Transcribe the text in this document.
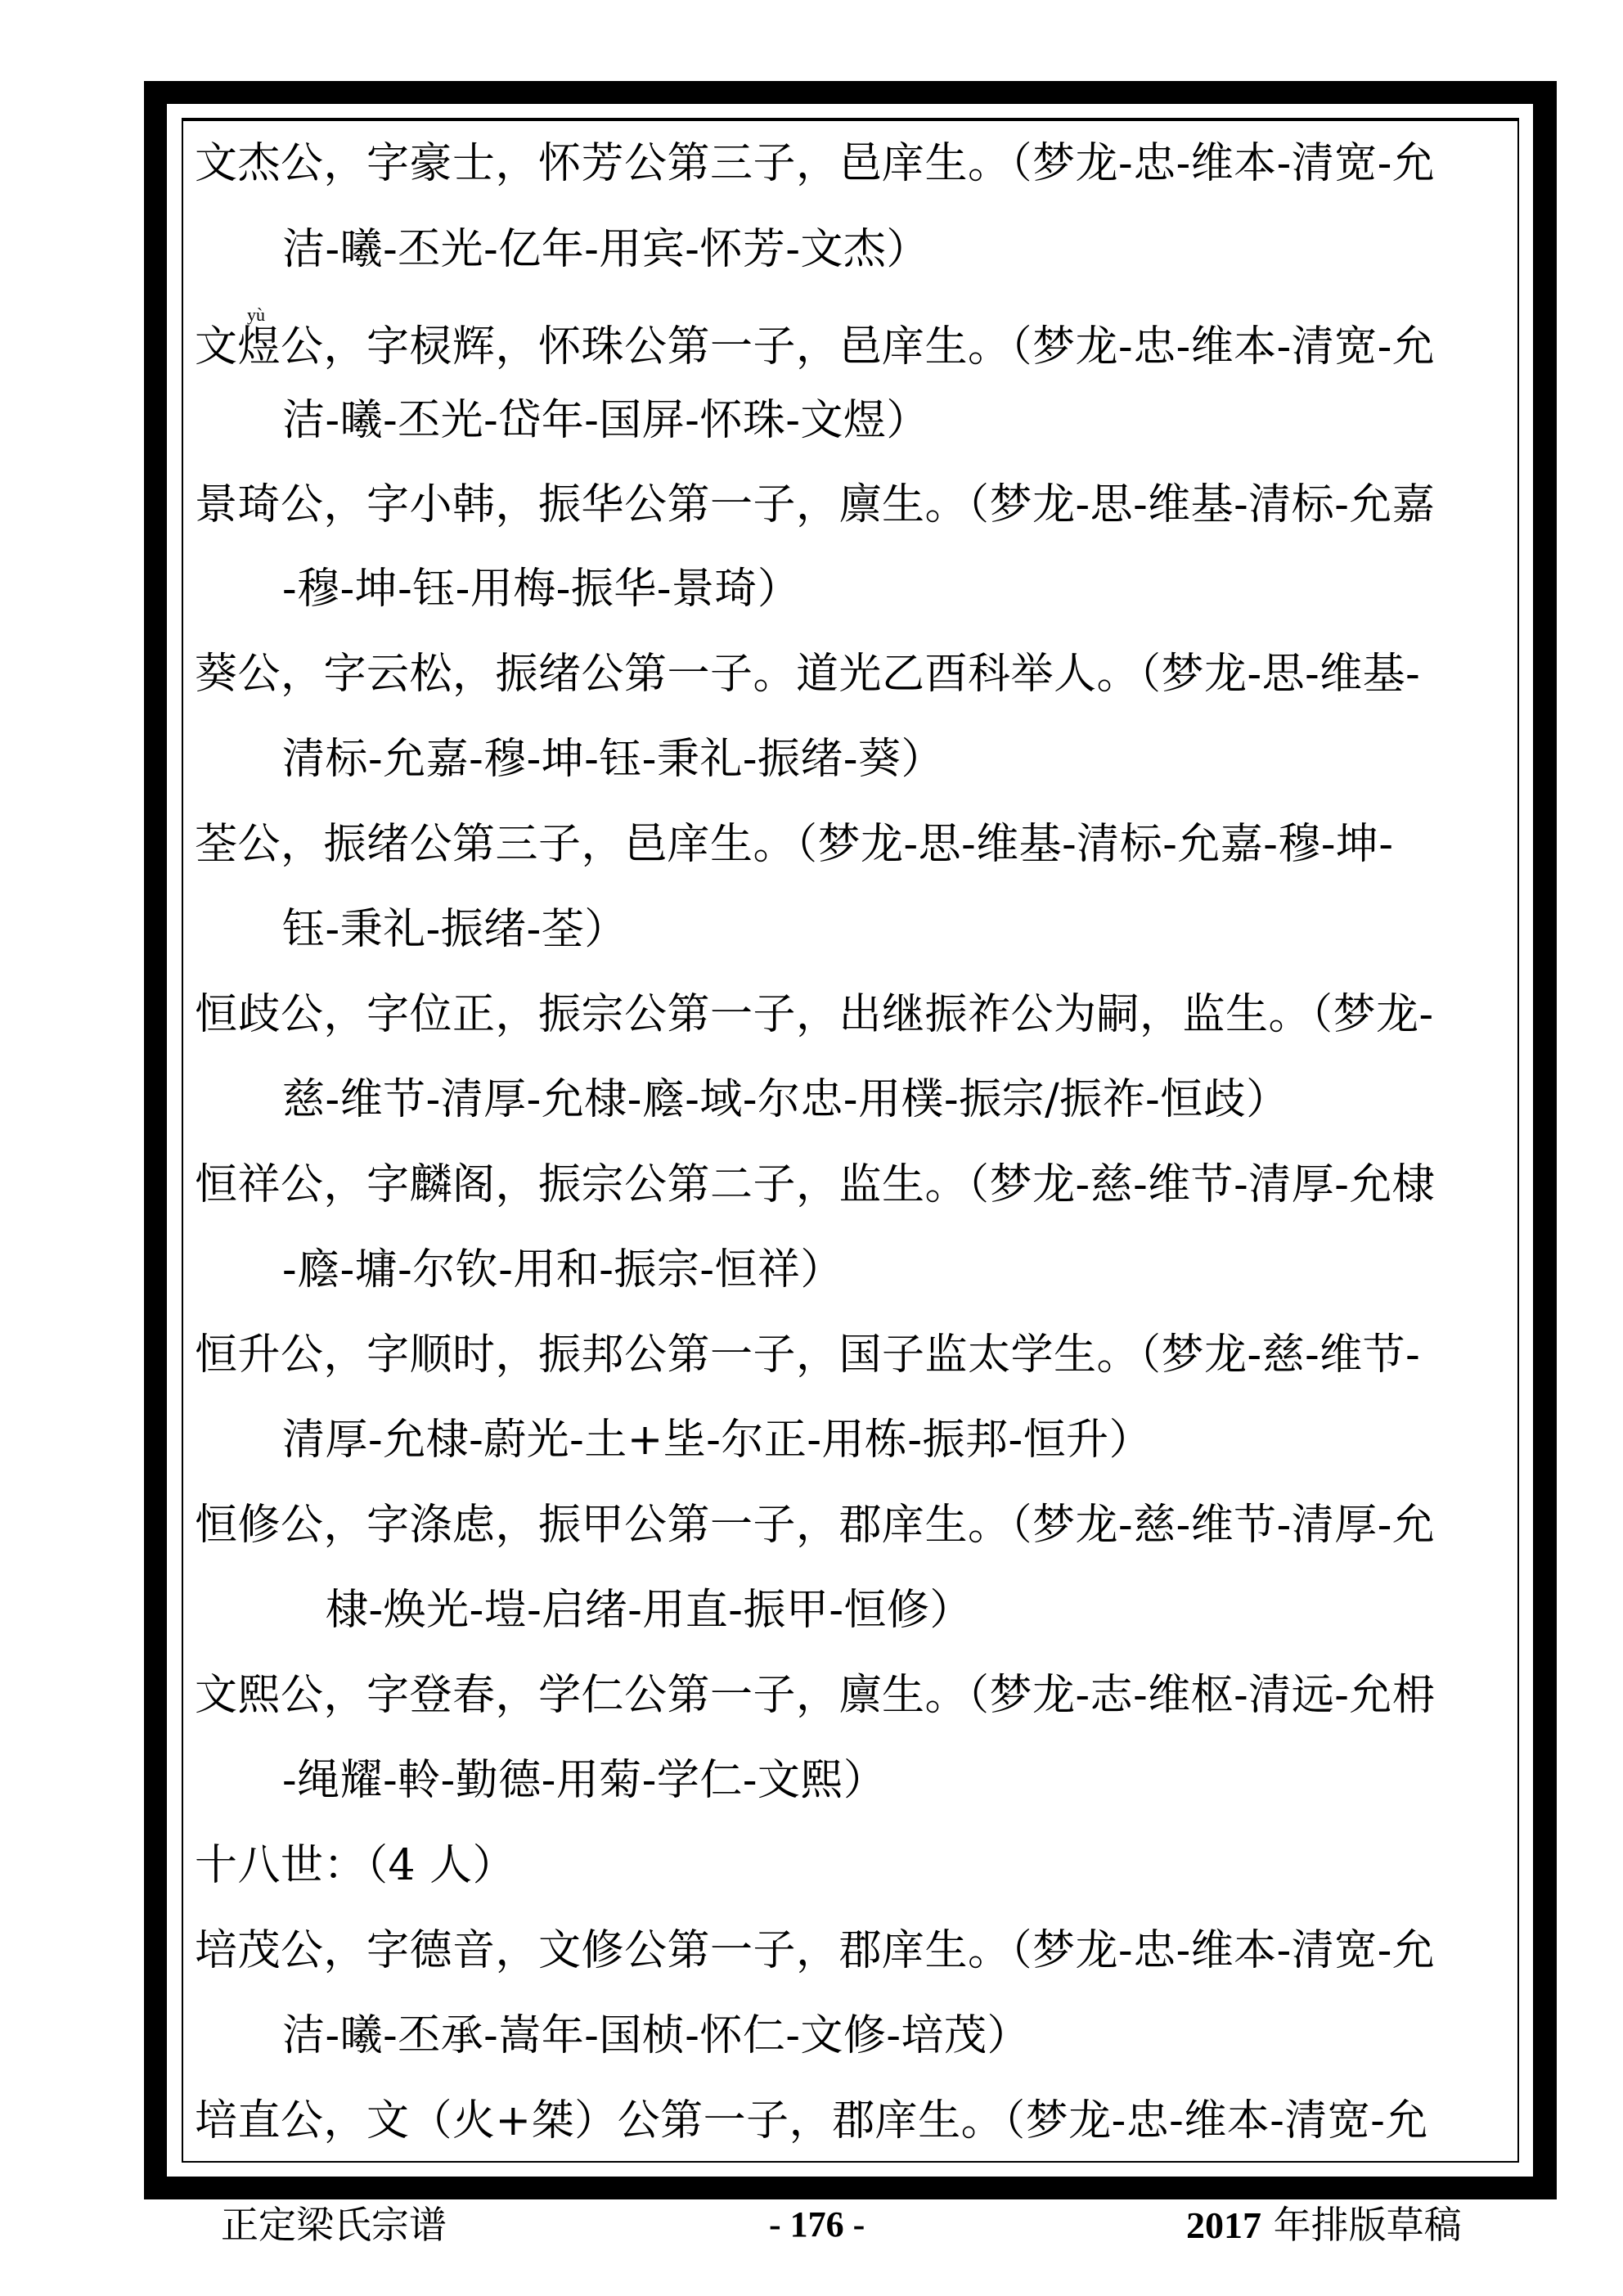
yù
文杰公，字豪士，怀芳公第三子，邑庠生。（梦龙-忠-维本-清宽-允
洁-曦-丕光-亿年-用宾-怀芳-文杰）
文煜公，字棂辉，怀珠公第一子，邑庠生。（梦龙-忠-维本-清宽-允
洁-曦-丕光-岱年-国屏-怀珠-文煜）
景琦公，字小韩，振华公第一子，廪生。（梦龙-思-维基-清标-允嘉
-穆-坤-钰-用梅-振华-景琦）
葵公，字云松，振绪公第一子。道光乙酉科举人。（梦龙-思-维基-
清标-允嘉-穆-坤-钰-秉礼-振绪-葵）
荃公，振绪公第三子，邑庠生。（梦龙-思-维基-清标-允嘉-穆-坤-
钰-秉礼-振绪-荃）
恒歧公，字位正，振宗公第一子，出继振祚公为嗣，监生。（梦龙-
慈-维节-清厚-允棣-廕-域-尔忠-用樸-振宗/振祚-恒歧）
恒祥公，字麟阁，振宗公第二子，监生。（梦龙-慈-维节-清厚-允棣
-廕-墉-尔钦-用和-振宗-恒祥）
恒升公，字顺时，振邦公第一子，国子监太学生。（梦龙-慈-维节-
清厚-允棣-蔚光-土+坒-尔正-用栋-振邦-恒升）
恒修公，字涤虑，振甲公第一子，郡庠生。（梦龙-慈-维节-清厚-允
棣-焕光-塏-启绪-用直-振甲-恒修）
文熙公，字登春，学仁公第一子，廪生。（梦龙-志-维枢-清远-允枏
-绳耀-軨-勤德-用菊-学仁-文熙）
十八世：（4 人）
培茂公，字德音，文修公第一子，郡庠生。（梦龙-忠-维本-清宽-允
洁-曦-丕承-嵩年-国桢-怀仁-文修-培茂）
培直公，文（火+桀）公第一子，郡庠生。（梦龙-忠-维本-清宽-允
正定梁氏宗谱	- 176 -	2017 年排版草稿
